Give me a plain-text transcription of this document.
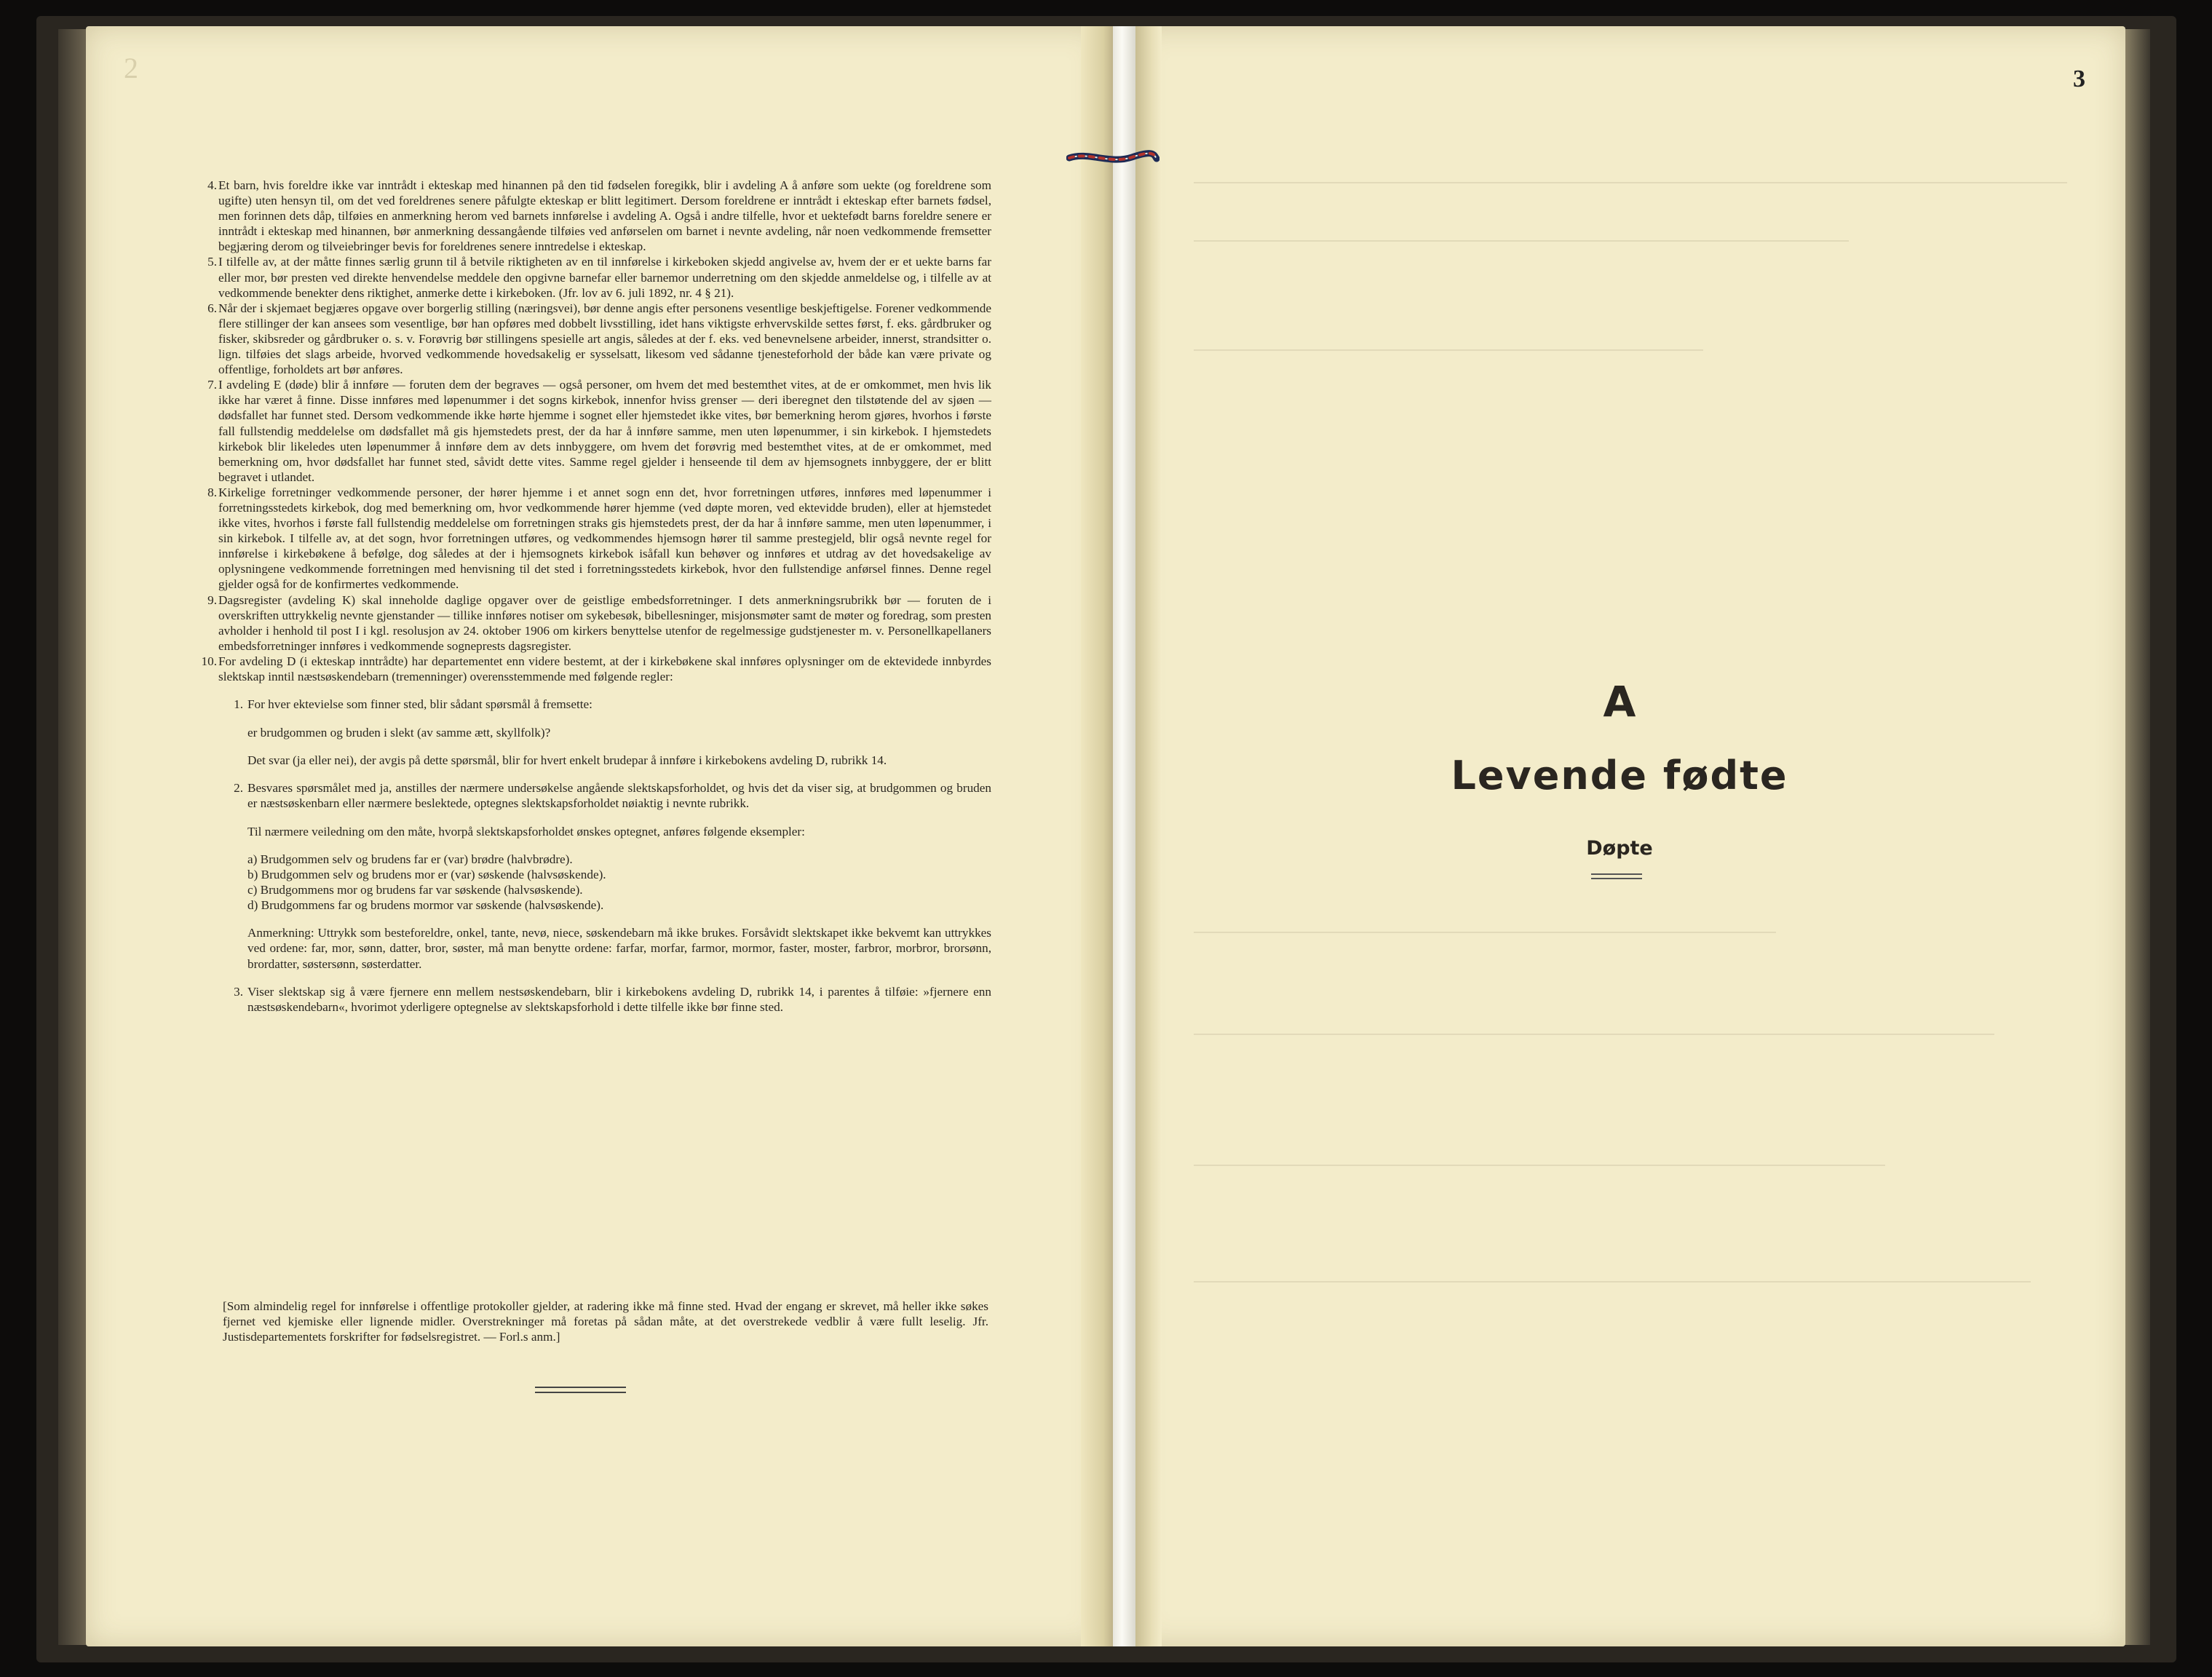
2
4. Et barn, hvis foreldre ikke var inntrådt i ekteskap med hinannen på den tid fødselen foregikk, blir i avdeling A å anføre som uekte (og foreldrene som ugifte) uten hensyn til, om det ved foreldrenes senere påfulgte ekteskap er blitt legitimert. Dersom foreldrene er inntrådt i ekteskap efter barnets fødsel, men forinnen dets dåp, tilføies en anmerkning herom ved barnets innførelse i avdeling A. Også i andre tilfelle, hvor et uektefødt barns foreldre senere er inntrådt i ekteskap med hinannen, bør anmerkning dessangående tilføies ved anførselen om barnet i nevnte avdeling, når noen vedkommende fremsetter begjæring derom og tilveiebringer bevis for foreldrenes senere inntredelse i ekteskap.

5. I tilfelle av, at der måtte finnes særlig grunn til å betvile riktigheten av en til innførelse i kirkeboken skjedd angivelse av, hvem der er et uekte barns far eller mor, bør presten ved direkte henvendelse meddele den opgivne barnefar eller barnemor underretning om den skjedde anmeldelse og, i tilfelle av at vedkommende benekter dens riktighet, anmerke dette i kirkeboken. (Jfr. lov av 6. juli 1892, nr. 4 § 21).

6. Når der i skjemaet begjæres opgave over borgerlig stilling (næringsvei), bør denne angis efter personens vesentlige beskjeftigelse. Forener vedkommende flere stillinger der kan ansees som vesentlige, bør han opføres med dobbelt livsstilling, idet hans viktigste erhvervskilde settes først, f. eks. gårdbruker og fisker, skibsreder og gårdbruker o. s. v. Forøvrig bør stillingens spesielle art angis, således at der f. eks. ved benevnelsene arbeider, innerst, strandsitter o. lign. tilføies det slags arbeide, hvorved vedkommende hovedsakelig er sysselsatt, likesom ved sådanne tjenesteforhold der både kan være private og offentlige, forholdets art bør anføres.

7. I avdeling E (døde) blir å innføre — foruten dem der begraves — også personer, om hvem det med bestemthet vites, at de er omkommet, men hvis lik ikke har været å finne. Disse innføres med løpenummer i det sogns kirkebok, innenfor hviss grenser — deri iberegnet den tilstøtende del av sjøen — dødsfallet har funnet sted. Dersom vedkommende ikke hørte hjemme i sognet eller hjemstedet ikke vites, bør bemerkning herom gjøres, hvorhos i første fall fullstendig meddelelse om dødsfallet må gis hjemstedets prest, der da har å innføre samme, men uten løpenummer, i sin kirkebok. I hjemstedets kirkebok blir likeledes uten løpenummer å innføre dem av dets innbyggere, om hvem det forøvrig med bestemthet vites, at de er omkommet, med bemerkning om, hvor dødsfallet har funnet sted, såvidt dette vites. Samme regel gjelder i henseende til dem av hjemsognets innbyggere, der er blitt begravet i utlandet.

8. Kirkelige forretninger vedkommende personer, der hører hjemme i et annet sogn enn det, hvor forretningen utføres, innføres med løpenummer i forretningsstedets kirkebok, dog med bemerkning om, hvor vedkommende hører hjemme (ved døpte moren, ved ektevidde bruden), eller at hjemstedet ikke vites, hvorhos i første fall fullstendig meddelelse om forretningen straks gis hjemstedets prest, der da har å innføre samme, men uten løpenummer, i sin kirkebok. I tilfelle av, at det sogn, hvor forretningen utføres, og vedkommendes hjemsogn hører til samme prestegjeld, blir også nevnte regel for innførelse i kirkebøkene å befølge, dog således at der i hjemsognets kirkebok isåfall kun behøver og innføres et utdrag av det hovedsakelige av oplysningene vedkommende forretningen med henvisning til det sted i forretningsstedets kirkebok, hvor den fullstendige anførsel finnes. Denne regel gjelder også for de konfirmertes vedkommende.

9. Dagsregister (avdeling K) skal inneholde daglige opgaver over de geistlige embedsforretninger. I dets anmerkningsrubrikk bør — foruten de i overskriften uttrykkelig nevnte gjenstander — tillike innføres notiser om sykebesøk, bibellesninger, misjonsmøter samt de møter og foredrag, som presten avholder i henhold til post I i kgl. resolusjon av 24. oktober 1906 om kirkers benyttelse utenfor de regelmessige gudstjenester m. v. Personellkapellaners embedsforretninger innføres i vedkommende sogneprests dagsregister.

10. For avdeling D (i ekteskap inntrådte) har departementet enn videre bestemt, at der i kirkebøkene skal innføres oplysninger om de ektevidede innbyrdes slektskap inntil næstsøskendebarn (tremenninger) overensstemmende med følgende regler:

1. For hver ektevielse som finner sted, blir sådant spørsmål å fremsette:

er brudgommen og bruden i slekt (av samme ætt, skyllfolk)?

Det svar (ja eller nei), der avgis på dette spørsmål, blir for hvert enkelt brudepar å innføre i kirkebokens avdeling D, rubrikk 14.

2. Besvares spørsmålet med ja, anstilles der nærmere undersøkelse angående slektskapsforholdet, og hvis det da viser sig, at brudgommen og bruden er næstsøskenbarn eller nærmere beslektede, optegnes slektskapsforholdet nøiaktig i nevnte rubrikk.

Til nærmere veiledning om den måte, hvorpå slektskapsforholdet ønskes optegnet, anføres følgende eksempler:

a) Brudgommen selv og brudens far er (var) brødre (halvbrødre).

b) Brudgommen selv og brudens mor er (var) søskende (halvsøskende).

c) Brudgommens mor og brudens far var søskende (halvsøskende).

d) Brudgommens far og brudens mormor var søskende (halvsøskende).

Anmerkning: Uttrykk som besteforeldre, onkel, tante, nevø, niece, søskendebarn må ikke brukes. Forsåvidt slektskapet ikke bekvemt kan uttrykkes ved ordene: far, mor, sønn, datter, bror, søster, må man benytte ordene: farfar, morfar, farmor, mormor, faster, moster, farbror, morbror, brorsønn, brordatter, søstersønn, søsterdatter.

3. Viser slektskap sig å være fjernere enn mellem nestsøskendebarn, blir i kirkebokens avdeling D, rubrikk 14, i parentes å tilføie: »fjernere enn næstsøskendebarn«, hvorimot yderligere optegnelse av slektskapsforhold i dette tilfelle ikke bør finne sted.

[Som almindelig regel for innførelse i offentlige protokoller gjelder, at radering ikke må finne sted. Hvad der engang er skrevet, må heller ikke søkes fjernet ved kjemiske eller lignende midler. Overstrekninger må foretas på sådan måte, at det overstrekede vedblir å være fullt leselig. Jfr. Justisdepartementets forskrifter for fødselsregistret. — Forl.s anm.]
3
A
Levende fødte
Døpte
